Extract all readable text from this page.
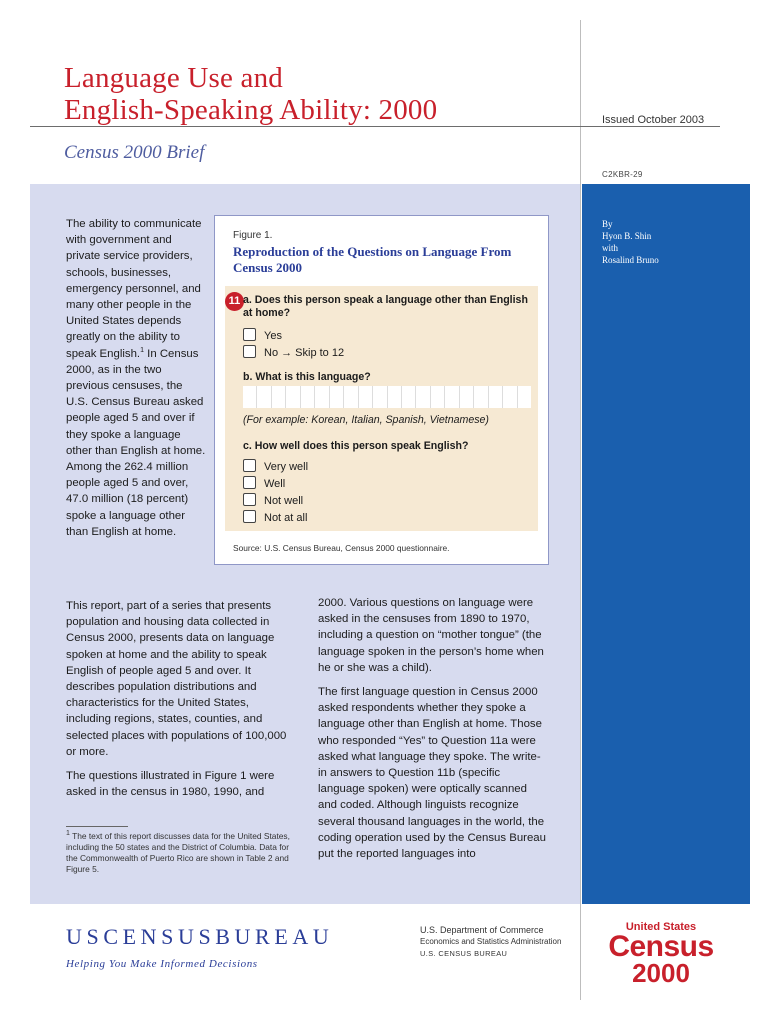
Language Use and
English-Speaking Ability: 2000	Issued October 2003
Census 2000 Brief
C2KBR-29
By
Hyon B. Shin
with
Rosalind Bruno
The ability to communicate with government and private service providers, schools, businesses, emergency personnel, and many other people in the United States depends greatly on the ability to speak English.$^1$ In Census 2000, as in the two previous censuses, the U.S. Census Bureau asked people aged 5 and over if they spoke a language other than English at home. Among the 262.4 million people aged 5 and over, 47.0 million (18 percent) spoke a language other than English at home.
Figure 1.
Reproduction of the Questions on Language From Census 2000
11 a. Does this person speak a language other than English at home?
Yes
No → Skip to 12
b. What is this language?
(For example: Korean, Italian, Spanish, Vietnamese)
c. How well does this person speak English?
Very well
Well
Not well
Not at all
Source: U.S. Census Bureau, Census 2000 questionnaire.

This report, part of a series that presents population and housing data collected in Census 2000, presents data on language spoken at home and the ability to speak English of people aged 5 and over. It describes population distributions and characteristics for the United States, including regions, states, counties, and selected places with populations of 100,000 or more.

The questions illustrated in Figure 1 were asked in the census in 1980, 1990, and

2000. Various questions on language were asked in the censuses from 1890 to 1970, including a question on “mother tongue” (the language spoken in the person’s home when he or she was a child).

The first language question in Census 2000 asked respondents whether they spoke a language other than English at home. Those who responded “Yes” to Question 11a were asked what language they spoke. The write-in answers to Question 11b (specific language spoken) were optically scanned and coded. Although linguists recognize several thousand languages in the world, the coding operation used by the Census Bureau put the reported languages into

$^1$ The text of this report discusses data for the United States, including the 50 states and the District of Columbia. Data for the Commonwealth of Puerto Rico are shown in Table 2 and Figure 5.
USCENSUSBUREAU
Helping You Make Informed Decisions
U.S. Department of Commerce
Economics and Statistics Administration
U.S. CENSUS BUREAU
United States
Census
2000
